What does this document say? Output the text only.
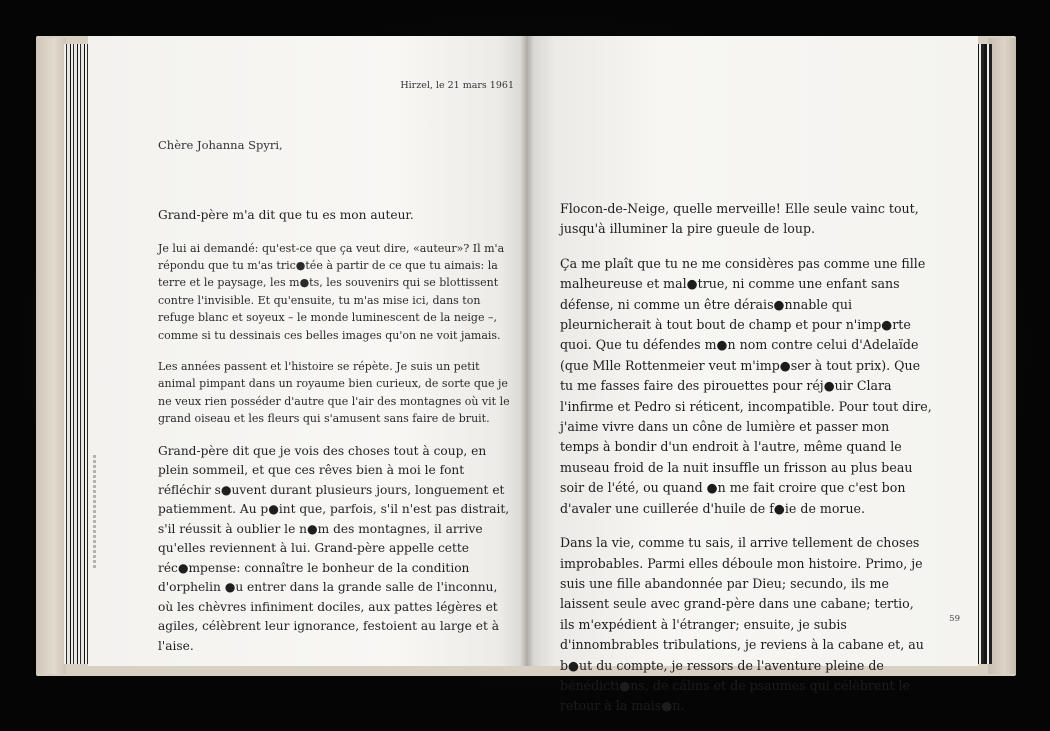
Hirzel, le 21 mars 1961
Chère Johanna Spyri,

Grand-père m'a dit que tu es mon auteur.

Je lui ai demandé: qu'est-ce que ça veut dire, «auteur»? Il m'a répondu que tu m'as tric●tée à partir de ce que tu aimais: la terre et le paysage, les m●ts, les souvenirs qui se blottissent contre l'invisible. Et qu'ensuite, tu m'as mise ici, dans ton refuge blanc et soyeux – le monde luminescent de la neige –, comme si tu dessinais ces belles images qu'on ne voit jamais.

Les années passent et l'histoire se répète. Je suis un petit animal pimpant dans un royaume bien curieux, de sorte que je ne veux rien posséder d'autre que l'air des montagnes où vit le grand oiseau et les fleurs qui s'amusent sans faire de bruit.

Grand-père dit que je vois des choses tout à coup, en plein sommeil, et que ces rêves bien à moi le font réfléchir s●uvent durant plusieurs jours, longuement et patiemment. Au p●int que, parfois, s'il n'est pas distrait, s'il réussit à oublier le n●m des montagnes, il arrive qu'elles reviennent à lui. Grand-père appelle cette réc●mpense: connaître le bonheur de la condition d'orphelin ●u entrer dans la grande salle de l'inconnu, où les chèvres infiniment dociles, aux pattes légères et agiles, célèbrent leur ignorance, festoient au large et à l'aise.

Flocon-de-Neige, quelle merveille! Elle seule vainc tout, jusqu'à illuminer la pire gueule de loup.

Ça me plaît que tu ne me considères pas comme une fille malheureuse et mal●true, ni comme une enfant sans défense, ni comme un être dérais●nnable qui pleurnicherait à tout bout de champ et pour n'imp●rte quoi. Que tu défendes m●n nom contre celui d'Adelaïde (que Mlle Rottenmeier veut m'imp●ser à tout prix). Que tu me fasses faire des pirouettes pour réj●uir Clara l'infirme et Pedro si réticent, incompatible. Pour tout dire, j'aime vivre dans un cône de lumière et passer mon temps à bondir d'un endroit à l'autre, même quand le museau froid de la nuit insuffle un frisson au plus beau soir de l'été, ou quand ●n me fait croire que c'est bon d'avaler une cuillerée d'huile de f●ie de morue.

Dans la vie, comme tu sais, il arrive tellement de choses improbables. Parmi elles déboule mon histoire. Primo, je suis une fille abandonnée par Dieu; secundo, ils me laissent seule avec grand-père dans une cabane; tertio, ils m'expédient à l'étranger; ensuite, je subis d'innombrables tribulations, je reviens à la cabane et, au b●ut du compte, je ressors de l'aventure pleine de bénédicti●ns, de câlins et de psaumes qui célèbrent le retour à la mais●n.

59
